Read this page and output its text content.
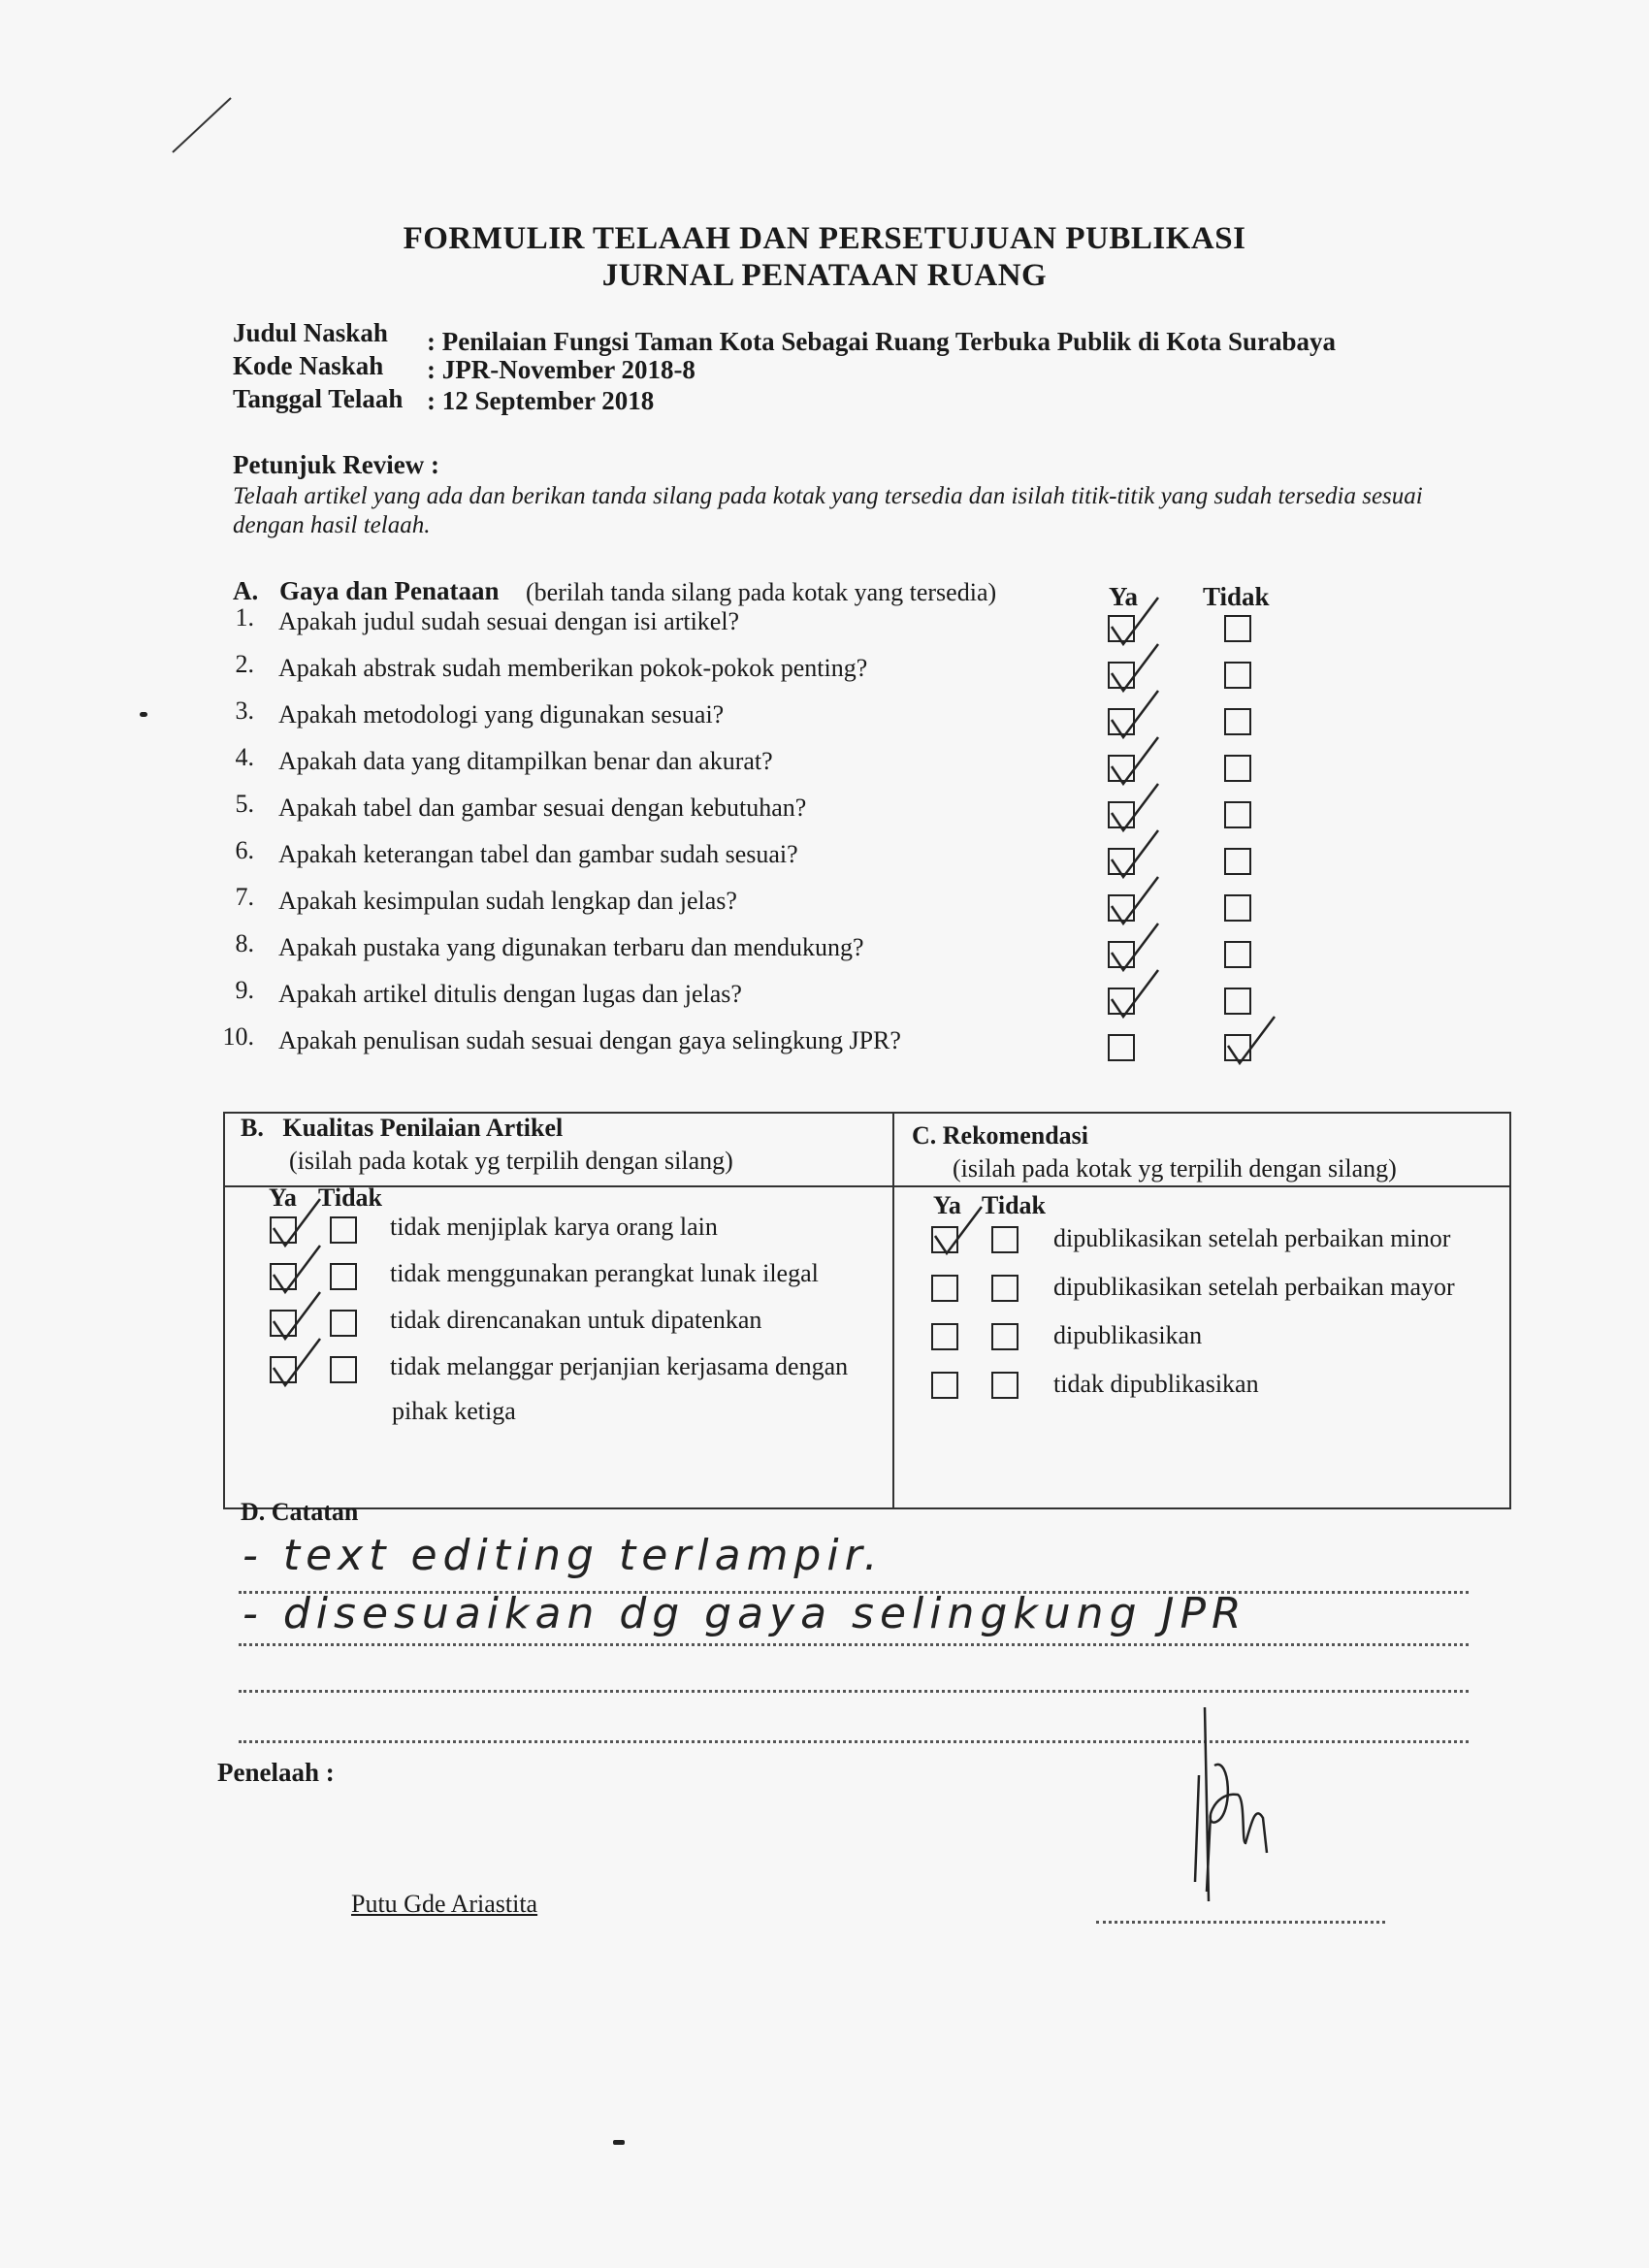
FORMULIR TELAAH DAN PERSETUJUAN PUBLIKASI
JURNAL PENATAAN RUANG
Judul Naskah : Penilaian Fungsi Taman Kota Sebagai Ruang Terbuka Publik di Kota Surabaya
Kode Naskah : JPR-November 2018-8
Tanggal Telaah : 12 September 2018
Petunjuk Review :
Telaah artikel yang ada dan berikan tanda silang pada kotak yang tersedia dan isilah titik-titik yang sudah tersedia sesuai
dengan hasil telaah.
A. Gaya dan Penataan (berilah tanda silang pada kotak yang tersedia)	Ya Tidak
1. Apakah judul sudah sesuai dengan isi artikel?
2. Apakah abstrak sudah memberikan pokok-pokok penting?
3. Apakah metodologi yang digunakan sesuai?
4. Apakah data yang ditampilkan benar dan akurat?
5. Apakah tabel dan gambar sesuai dengan kebutuhan?
6. Apakah keterangan tabel dan gambar sudah sesuai?
7. Apakah kesimpulan sudah lengkap dan jelas?
8. Apakah pustaka yang digunakan terbaru dan mendukung?
9. Apakah artikel ditulis dengan lugas dan jelas?
10. Apakah penulisan sudah sesuai dengan gaya selingkung JPR?
B.   Kualitas Penilaian Artikel
(isilah pada kotak yg terpilih dengan silang)
C. Rekomendasi
(isilah pada kotak yg terpilih dengan silang)
Ya Tidak	Ya Tidak
tidak menjiplak karya orang lain
tidak menggunakan perangkat lunak ilegal
tidak direncanakan untuk dipatenkan
tidak melanggar perjanjian kerjasama dengan
pihak ketiga
dipublikasikan setelah perbaikan minor
dipublikasikan setelah perbaikan mayor
dipublikasikan
tidak dipublikasikan
D. Catatan
- text editing terlampir.
- disesuaikan dg gaya selingkung JPR
Penelaah :
Putu Gde Ariastita
